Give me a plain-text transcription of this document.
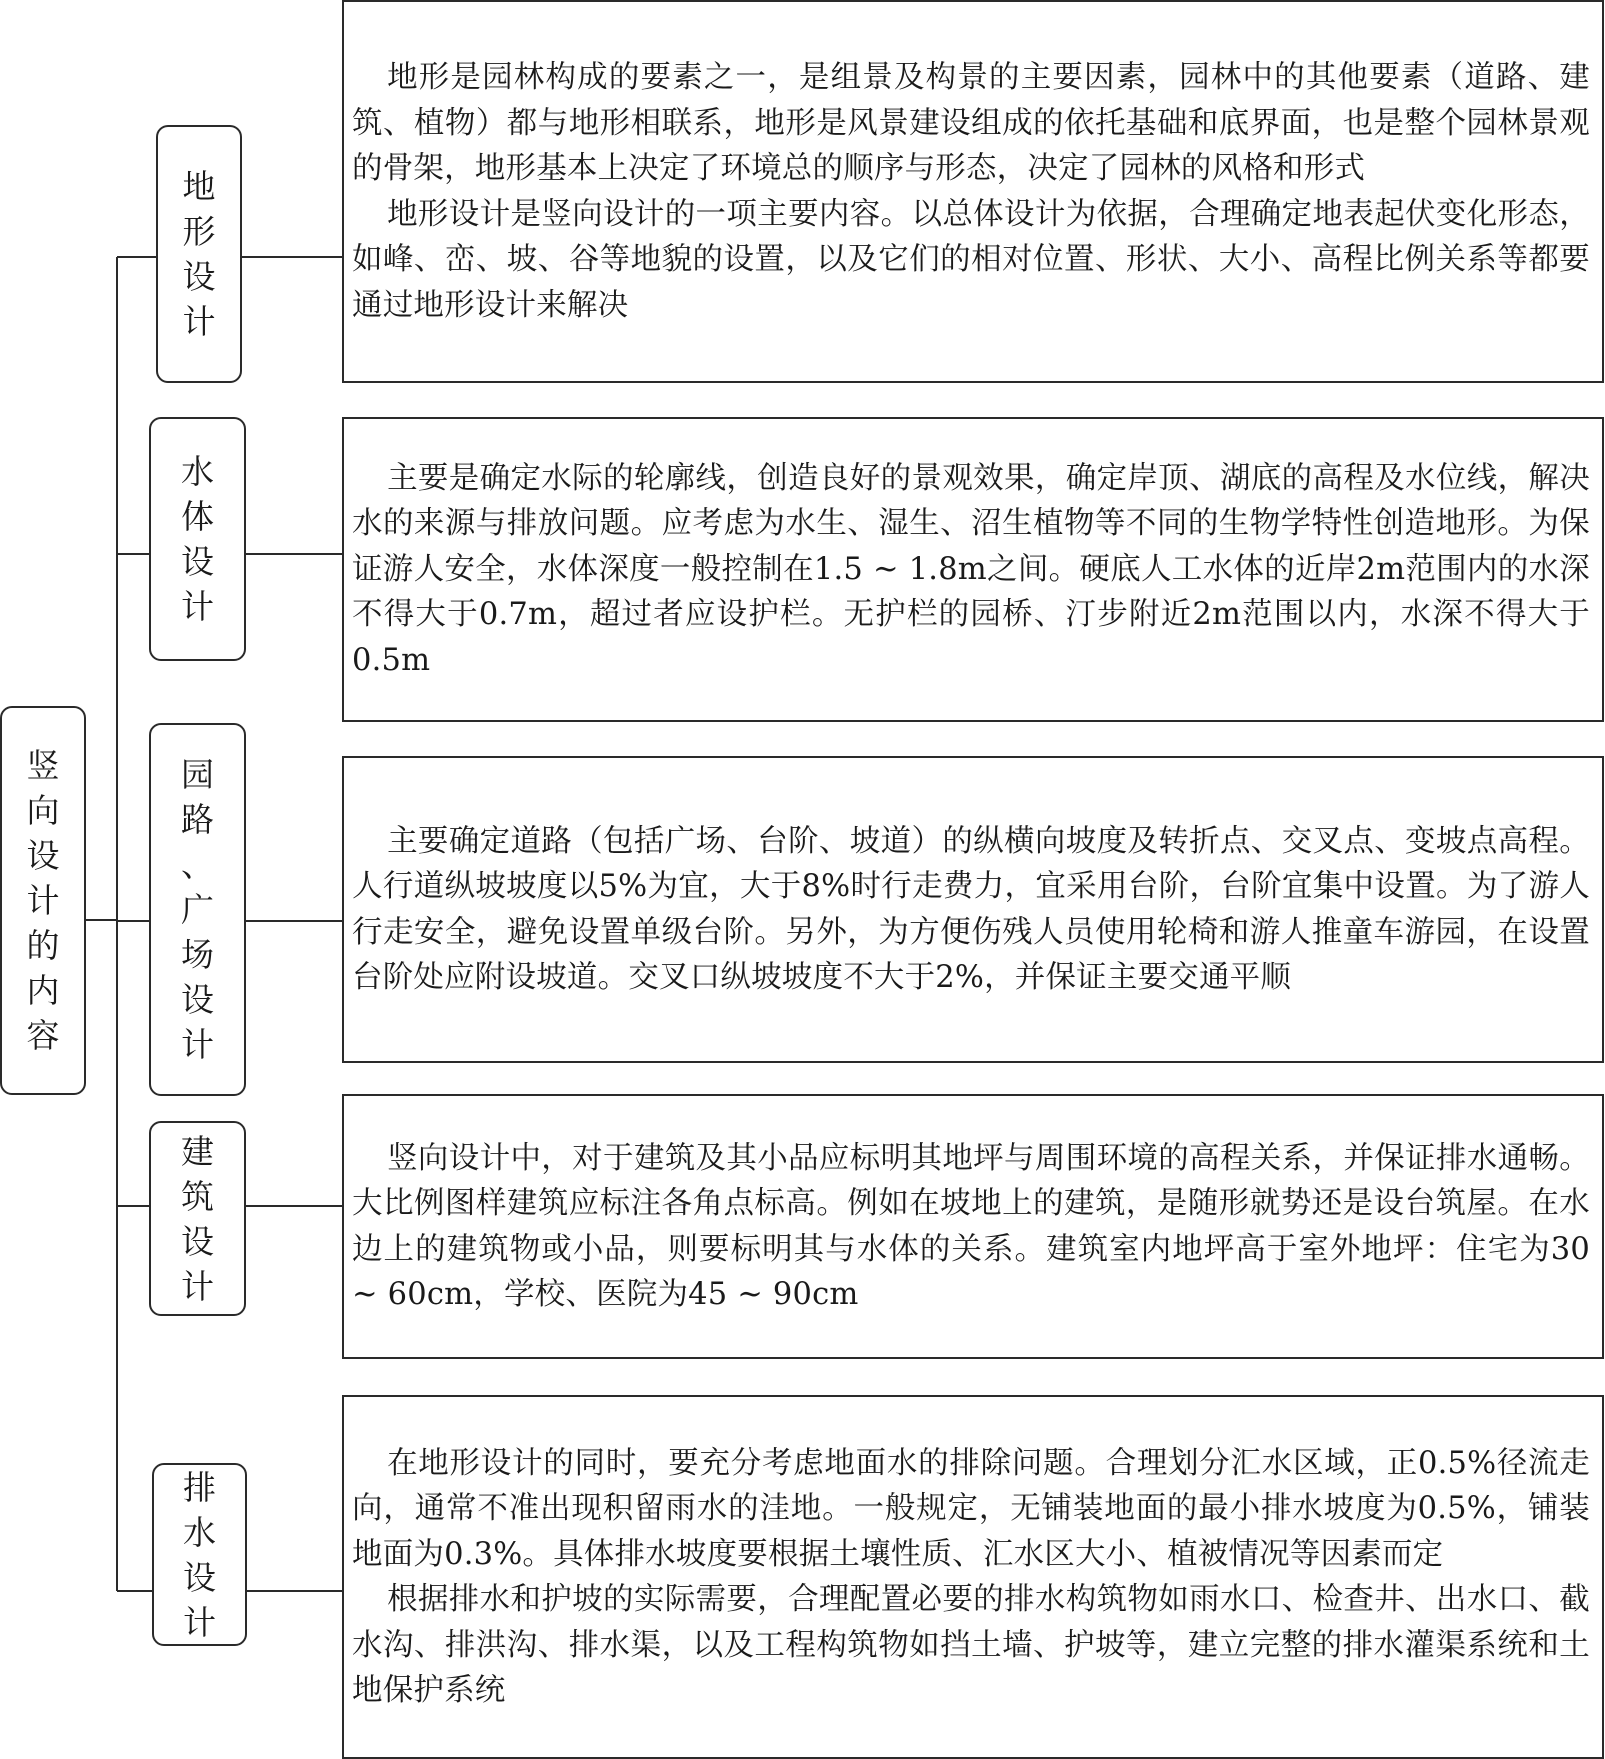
竖
向
设
计
的
内
容
地
形
设
计
地形是园林构成的要素之一，是组景及构景的主要因素，园林中的其他要素（道路、建筑、植物）都与地形相联系，地形是风景建设组成的依托基础和底界面，也是整个园林景观的骨架，地形基本上决定了环境总的顺序与形态，决定了园林的风格和形式
地形设计是竖向设计的一项主要内容。以总体设计为依据，合理确定地表起伏变化形态，如峰、峦、坡、谷等地貌的设置，以及它们的相对位置、形状、大小、高程比例关系等都要通过地形设计来解决
水
体
设
计
主要是确定水际的轮廓线，创造良好的景观效果，确定岸顶、湖底的高程及水位线，解决水的来源与排放问题。应考虑为水生、湿生、沼生植物等不同的生物学特性创造地形。为保证游人安全，水体深度一般控制在1.5 ~ 1.8m之间。硬底人工水体的近岸2m范围内的水深不得大于0.7m，超过者应设护栏。无护栏的园桥、汀步附近2m范围以内，水深不得大于0.5m
园
路
、
广
场
设
计
主要确定道路（包括广场、台阶、坡道）的纵横向坡度及转折点、交叉点、变坡点高程。人行道纵坡坡度以5%为宜，大于8%时行走费力，宜采用台阶，台阶宜集中设置。为了游人行走安全，避免设置单级台阶。另外，为方便伤残人员使用轮椅和游人推童车游园，在设置台阶处应附设坡道。交叉口纵坡坡度不大于2%，并保证主要交通平顺
建
筑
设
计
竖向设计中，对于建筑及其小品应标明其地坪与周围环境的高程关系，并保证排水通畅。大比例图样建筑应标注各角点标高。例如在坡地上的建筑，是随形就势还是设台筑屋。在水边上的建筑物或小品，则要标明其与水体的关系。建筑室内地坪高于室外地坪：住宅为30 ~ 60cm，学校、医院为45 ~ 90cm
排
水
设
计
在地形设计的同时，要充分考虑地面水的排除问题。合理划分汇水区域，正0.5%径流走向，通常不准出现积留雨水的洼地。一般规定，无铺装地面的最小排水坡度为0.5%，铺装地面为0.3%。具体排水坡度要根据土壤性质、汇水区大小、植被情况等因素而定
根据排水和护坡的实际需要，合理配置必要的排水构筑物如雨水口、检查井、出水口、截水沟、排洪沟、排水渠，以及工程构筑物如挡土墙、护坡等，建立完整的排水灌渠系统和土地保护系统
